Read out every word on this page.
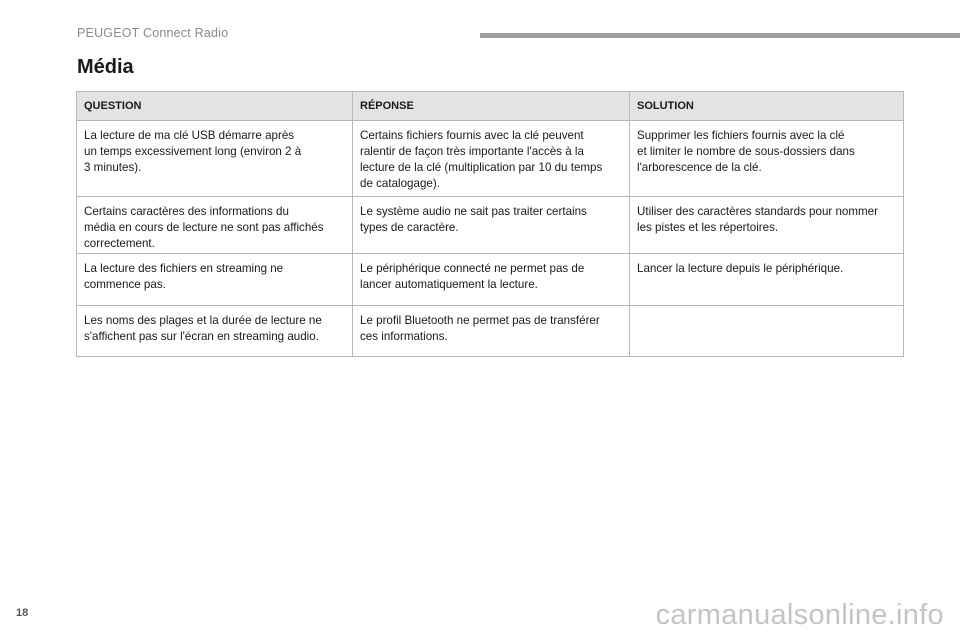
PEUGEOT Connect Radio
Média
QUESTION	RÉPONSE	SOLUTION
La lecture de ma clé USB démarre après
un temps excessivement long (environ 2 à
3 minutes).	Certains fichiers fournis avec la clé peuvent
ralentir de façon très importante l'accès à la
lecture de la clé (multiplication par 10 du temps
de catalogage).	Supprimer les fichiers fournis avec la clé
et limiter le nombre de sous-dossiers dans
l'arborescence de la clé.
Certains caractères des informations du
média en cours de lecture ne sont pas affichés
correctement.	Le système audio ne sait pas traiter certains
types de caractère.	Utiliser des caractères standards pour nommer
les pistes et les répertoires.
La lecture des fichiers en streaming ne
commence pas.	Le périphérique connecté ne permet pas de
lancer automatiquement la lecture.	Lancer la lecture depuis le périphérique.
Les noms des plages et la durée de lecture ne
s'affichent pas sur l'écran en streaming audio.	Le profil Bluetooth ne permet pas de transférer
ces informations.	
18	carmanualsonline.info
